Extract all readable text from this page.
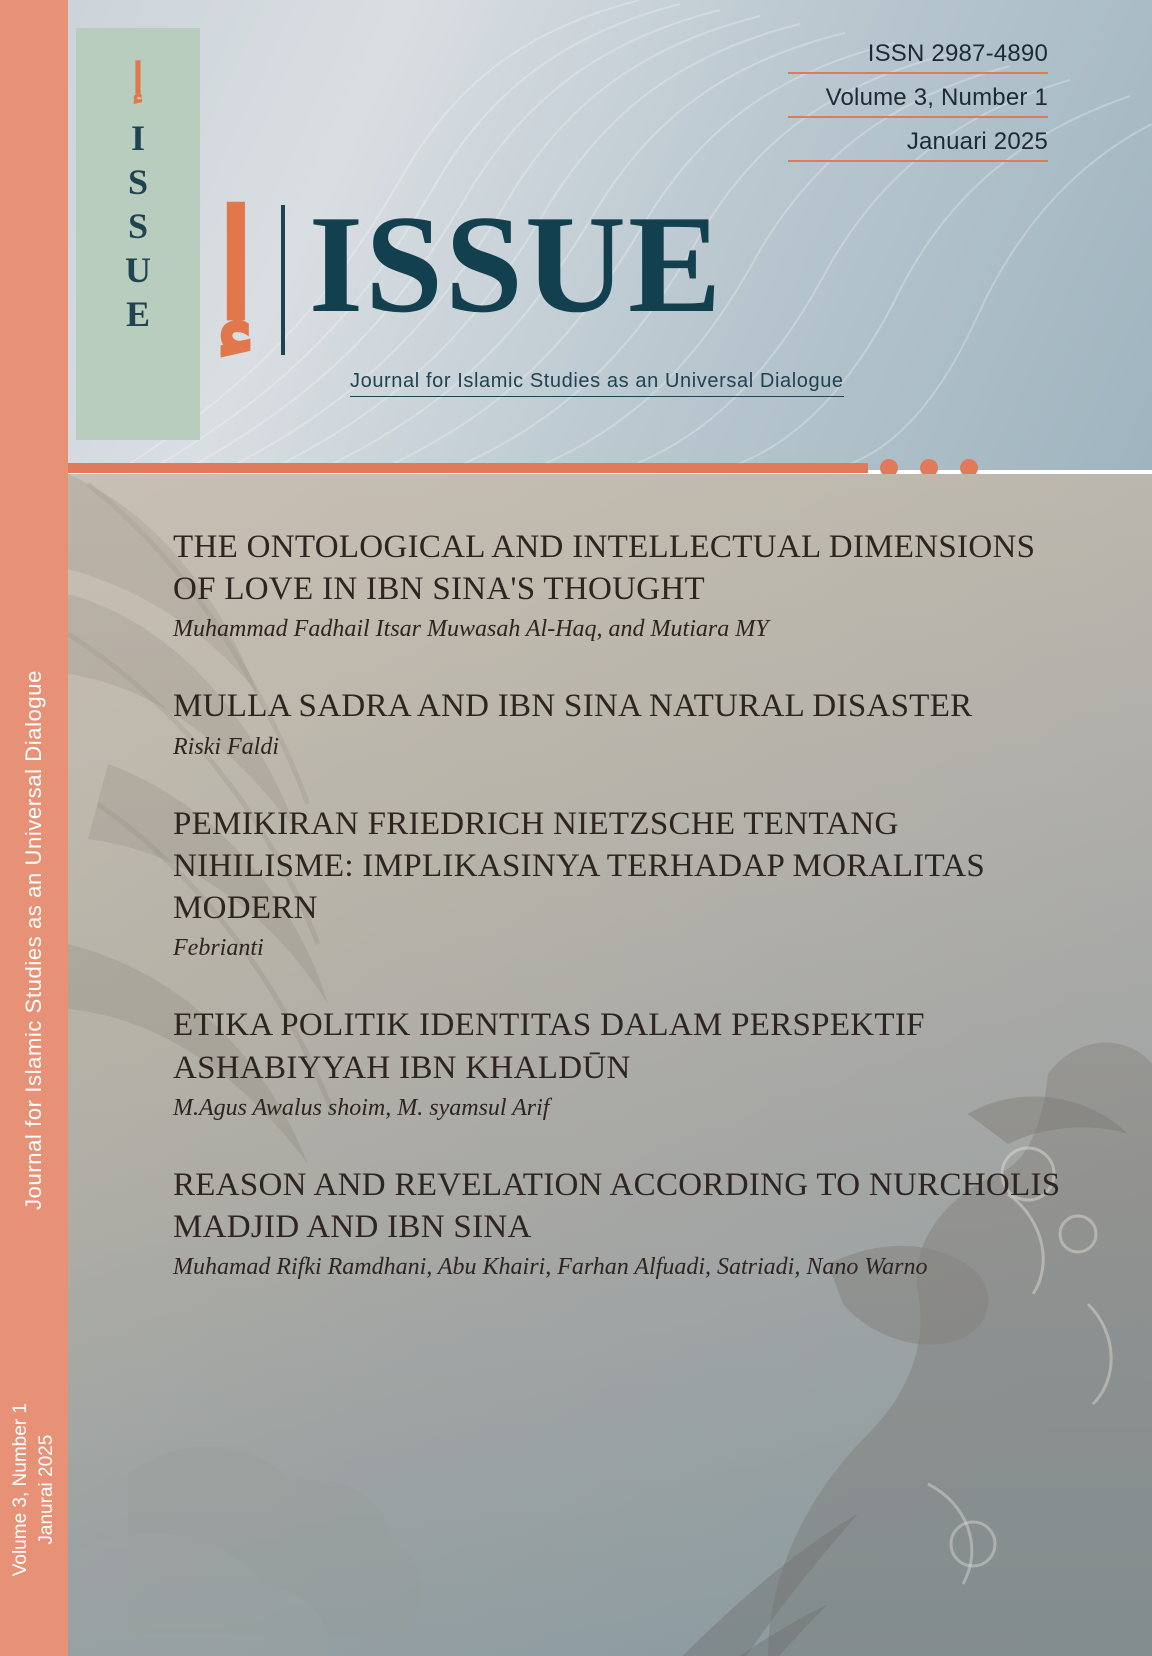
ﺇ
ISSUE
ISSN 2987-4890
Volume 3, Number 1
Januari 2025
ﺇ ISSUE
Journal for Islamic Studies as an Universal Dialogue
Journal for Islamic Studies as an Universal Dialogue
Volume 3, Number 1 Janurai 2025
THE ONTOLOGICAL AND INTELLECTUAL DIMENSIONS OF LOVE IN IBN SINA'S THOUGHT
Muhammad Fadhail Itsar Muwasah Al-Haq, and Mutiara MY
MULLA SADRA AND IBN SINA NATURAL DISASTER
Riski Faldi
PEMIKIRAN FRIEDRICH NIETZSCHE TENTANG NIHILISME: IMPLIKASINYA TERHADAP MORALITAS MODERN
Febrianti
ETIKA POLITIK IDENTITAS DALAM PERSPEKTIF ASHABIYYAH IBN KHALDŪN
M.Agus Awalus shoim, M. syamsul Arif
REASON AND REVELATION ACCORDING TO NURCHOLIS MADJID AND IBN SINA
Muhamad Rifki Ramdhani, Abu Khairi, Farhan Alfuadi, Satriadi, Nano Warno
